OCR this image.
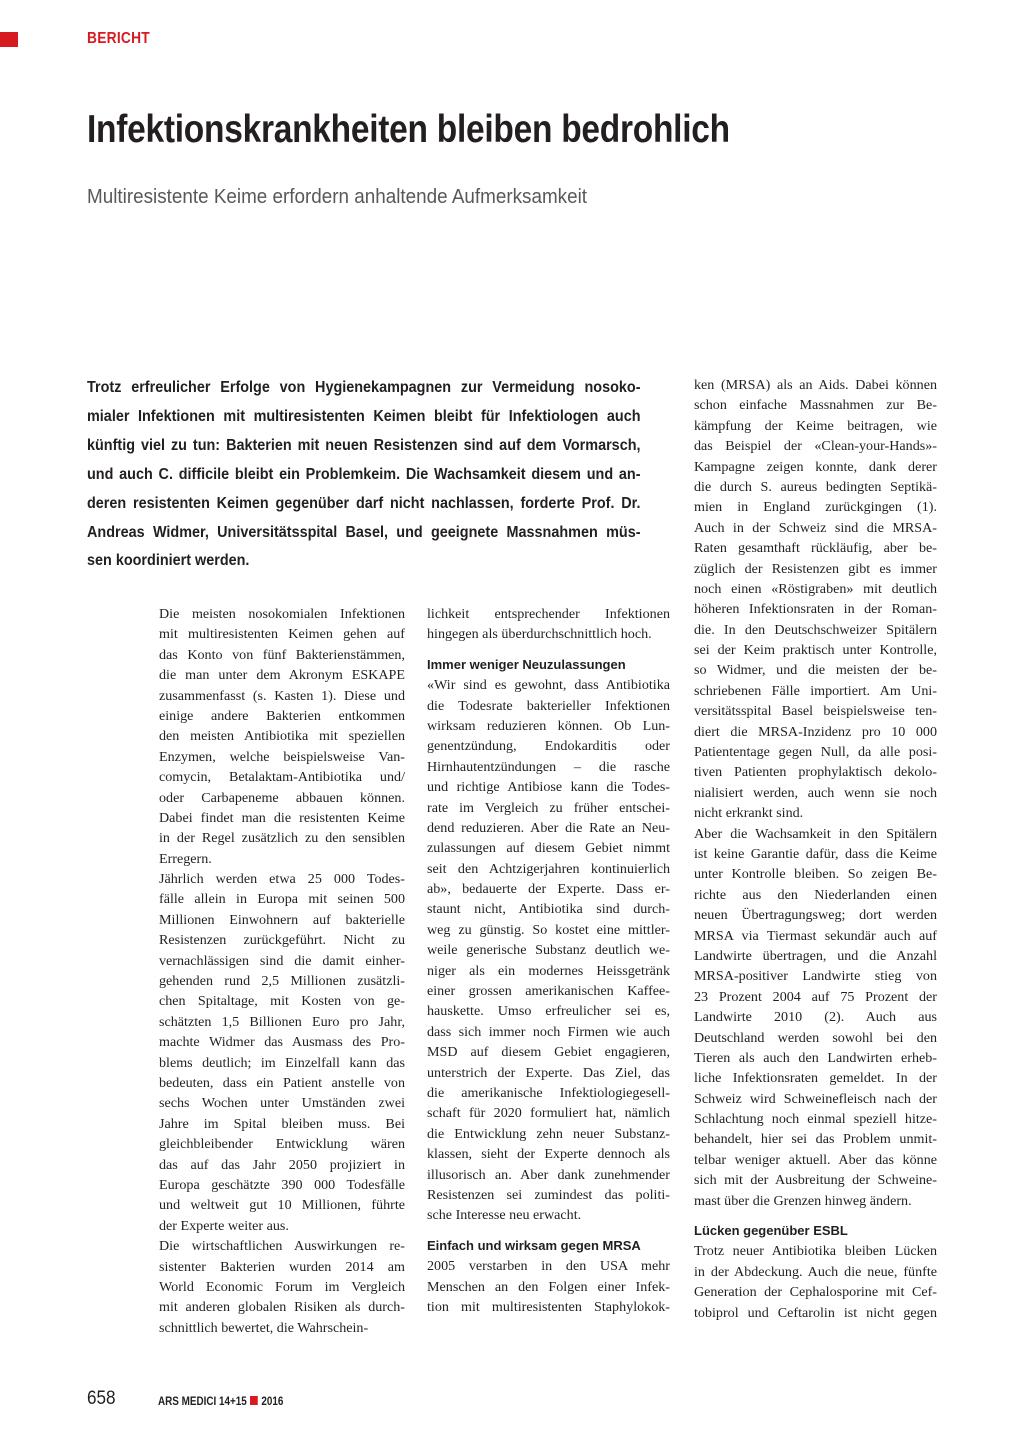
BERICHT
Infektionskrankheiten bleiben bedrohlich
Multiresistente Keime erfordern anhaltende Aufmerksamkeit
Trotz erfreulicher Erfolge von Hygienekampagnen zur Vermeidung nosoko-
mialer Infektionen mit multiresistenten Keimen bleibt für Infektiologen auch
künftig viel zu tun: Bakterien mit neuen Resistenzen sind auf dem Vormarsch,
und auch C. difficile bleibt ein Problemkeim. Die Wachsamkeit diesem und an-
deren resistenten Keimen gegenüber darf nicht nachlassen, forderte Prof. Dr.
Andreas Widmer, Universitätsspital Basel, und geeignete Massnahmen müs-
sen koordiniert werden.
Die meisten nosokomialen Infektionen
mit multiresistenten Keimen gehen auf
das Konto von fünf Bakterienstämmen,
die man unter dem Akronym ESKAPE
zusammenfasst (s. Kasten 1). Diese und
einige andere Bakterien entkommen
den meisten Antibiotika mit speziellen
Enzymen, welche beispielsweise Van-
comycin, Betalaktam-Antibiotika und/
oder Carbapeneme abbauen können.
Dabei findet man die resistenten Keime
in der Regel zusätzlich zu den sensiblen
Erregern.
Jährlich werden etwa 25 000 Todes-
fälle allein in Europa mit seinen 500
Millionen Einwohnern auf bakterielle
Resistenzen zurückgeführt. Nicht zu
vernachlässigen sind die damit einher-
gehenden rund 2,5 Millionen zusätzli-
chen Spitaltage, mit Kosten von ge-
schätzten 1,5 Billionen Euro pro Jahr,
machte Widmer das Ausmass des Pro-
blems deutlich; im Einzelfall kann das
bedeuten, dass ein Patient anstelle von
sechs Wochen unter Umständen zwei
Jahre im Spital bleiben muss. Bei
gleichbleibender Entwicklung wären
das auf das Jahr 2050 projiziert in
Europa geschätzte 390 000 Todesfälle
und weltweit gut 10 Millionen, führte
der Experte weiter aus.
Die wirtschaftlichen Auswirkungen re-
sistenter Bakterien wurden 2014 am
World Economic Forum im Vergleich
mit anderen globalen Risiken als durch-
schnittlich bewertet, die Wahrschein-
lichkeit entsprechender Infektionen
hingegen als überdurchschnittlich hoch.
Immer weniger Neuzulassungen
«Wir sind es gewohnt, dass Antibiotika
die Todesrate bakterieller Infektionen
wirksam reduzieren können. Ob Lun-
genentzündung, Endokarditis oder
Hirnhautentzündungen – die rasche
und richtige Antibiose kann die Todes-
rate im Vergleich zu früher entschei-
dend reduzieren. Aber die Rate an Neu-
zulassungen auf diesem Gebiet nimmt
seit den Achtzigerjahren kontinuierlich
ab», bedauerte der Experte. Dass er-
staunt nicht, Antibiotika sind durch-
weg zu günstig. So kostet eine mittler-
weile generische Substanz deutlich we-
niger als ein modernes Heissgetränk
einer grossen amerikanischen Kaffee-
hauskette. Umso erfreulicher sei es,
dass sich immer noch Firmen wie auch
MSD auf diesem Gebiet engagieren,
unterstrich der Experte. Das Ziel, das
die amerikanische Infektiologiegesell-
schaft für 2020 formuliert hat, nämlich
die Entwicklung zehn neuer Substanz-
klassen, sieht der Experte dennoch als
illusorisch an. Aber dank zunehmender
Resistenzen sei zumindest das politi-
sche Interesse neu erwacht.
Einfach und wirksam gegen MRSA
2005 verstarben in den USA mehr
Menschen an den Folgen einer Infek-
tion mit multiresistenten Staphylokok-
ken (MRSA) als an Aids. Dabei können
schon einfache Massnahmen zur Be-
kämpfung der Keime beitragen, wie
das Beispiel der «Clean-your-Hands»-
Kampagne zeigen konnte, dank derer
die durch S. aureus bedingten Septikä-
mien in England zurückgingen (1).
Auch in der Schweiz sind die MRSA-
Raten gesamthaft rückläufig, aber be-
züglich der Resistenzen gibt es immer
noch einen «Röstigraben» mit deutlich
höheren Infektionsraten in der Roman-
die. In den Deutschschweizer Spitälern
sei der Keim praktisch unter Kontrolle,
so Widmer, und die meisten der be-
schriebenen Fälle importiert. Am Uni-
versitätsspital Basel beispielsweise ten-
diert die MRSA-Inzidenz pro 10 000
Patiententage gegen Null, da alle posi-
tiven Patienten prophylaktisch dekolo-
nialisiert werden, auch wenn sie noch
nicht erkrankt sind.
Aber die Wachsamkeit in den Spitälern
ist keine Garantie dafür, dass die Keime
unter Kontrolle bleiben. So zeigen Be-
richte aus den Niederlanden einen
neuen Übertragungsweg; dort werden
MRSA via Tiermast sekundär auch auf
Landwirte übertragen, und die Anzahl
MRSA-positiver Landwirte stieg von
23 Prozent 2004 auf 75 Prozent der
Landwirte 2010 (2). Auch aus
Deutschland werden sowohl bei den
Tieren als auch den Landwirten erheb-
liche Infektionsraten gemeldet. In der
Schweiz wird Schweinefleisch nach der
Schlachtung noch einmal speziell hitze-
behandelt, hier sei das Problem unmit-
telbar weniger aktuell. Aber das könne
sich mit der Ausbreitung der Schweine-
mast über die Grenzen hinweg ändern.
Lücken gegenüber ESBL
Trotz neuer Antibiotika bleiben Lücken
in der Abdeckung. Auch die neue, fünfte
Generation der Cephalosporine mit Cef-
tobiprol und Ceftarolin ist nicht gegen
658	ARS MEDICI 14+15 2016
